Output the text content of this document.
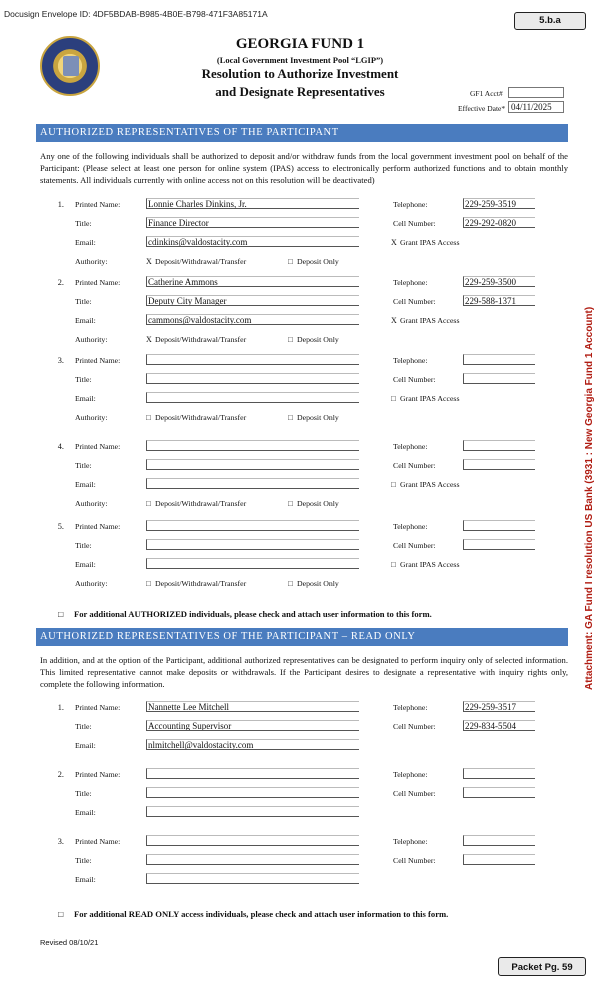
Docusign Envelope ID: 4DF5BDAB-B985-4B0E-B798-471F3A85171A
5.b.a
GEORGIA FUND 1
(Local Government Investment Pool “LGIP”)
Resolution to Authorize Investment
and Designate Representatives	GF1 Acct#
Effective Date* 04/11/2025
AUTHORIZED REPRESENTATIVES OF THE PARTICIPANT
Any one of the following individuals shall be authorized to deposit and/or withdraw funds from the local government investment pool on behalf of the Participant: (Please select at least one person for online system (IPAS) access to electronically perform authorized functions and to obtain monthly statements. All individuals currently with online access not on this resolution will be deactivated)
1. Printed Name:	Lonnie Charles Dinkins, Jr.
Title:	Finance Director
Email:	cdinkins@valdostacity.com
Telephone:	229-259-3519
Cell Number:	229-292-0820
X Grant IPAS Access
Authority:	X Deposit/Withdrawal/Transfer	□ Deposit Only
2. Printed Name:	Catherine Ammons
Title:	Deputy City Manager
Email:	cammons@valdostacity.com
Telephone:	229-259-3500
Cell Number:	229-588-1371
X Grant IPAS Access
Authority:	X Deposit/Withdrawal/Transfer	□ Deposit Only
3. Printed Name:
Title:
Email:
Telephone:
Cell Number:
□ Grant IPAS Access
Authority:	□ Deposit/Withdrawal/Transfer	□ Deposit Only
4. Printed Name:
Title:
Email:
Telephone:
Cell Number:
□ Grant IPAS Access
Authority:	□ Deposit/Withdrawal/Transfer	□ Deposit Only
5. Printed Name:
Title:
Email:
Telephone:
Cell Number:
□ Grant IPAS Access
Authority:	□ Deposit/Withdrawal/Transfer	□ Deposit Only
□ For additional AUTHORIZED individuals, please check and attach user information to this form.
AUTHORIZED REPRESENTATIVES OF THE PARTICIPANT – READ ONLY
In addition, and at the option of the Participant, additional authorized representatives can be designated to perform inquiry only of selected information. This limited representative cannot make deposits or withdrawals. If the Participant desires to designate a representative with inquiry rights only, complete the following information.
1. Printed Name:	Nannette Lee Mitchell
Title:	Accounting Supervisor
Email:	nlmitchell@valdostacity.com
Telephone:	229-259-3517
Cell Number:	229-834-5504
2. Printed Name:
Title:
Email:
Telephone:
Cell Number:
3. Printed Name:
Title:
Email:
Telephone:
Cell Number:
□ For additional READ ONLY access individuals, please check and attach user information to this form.
Attachment: GA Fund I resolution US Bank (3931 : New Georgia Fund 1 Account)
Revised 08/10/21
Packet Pg. 59
